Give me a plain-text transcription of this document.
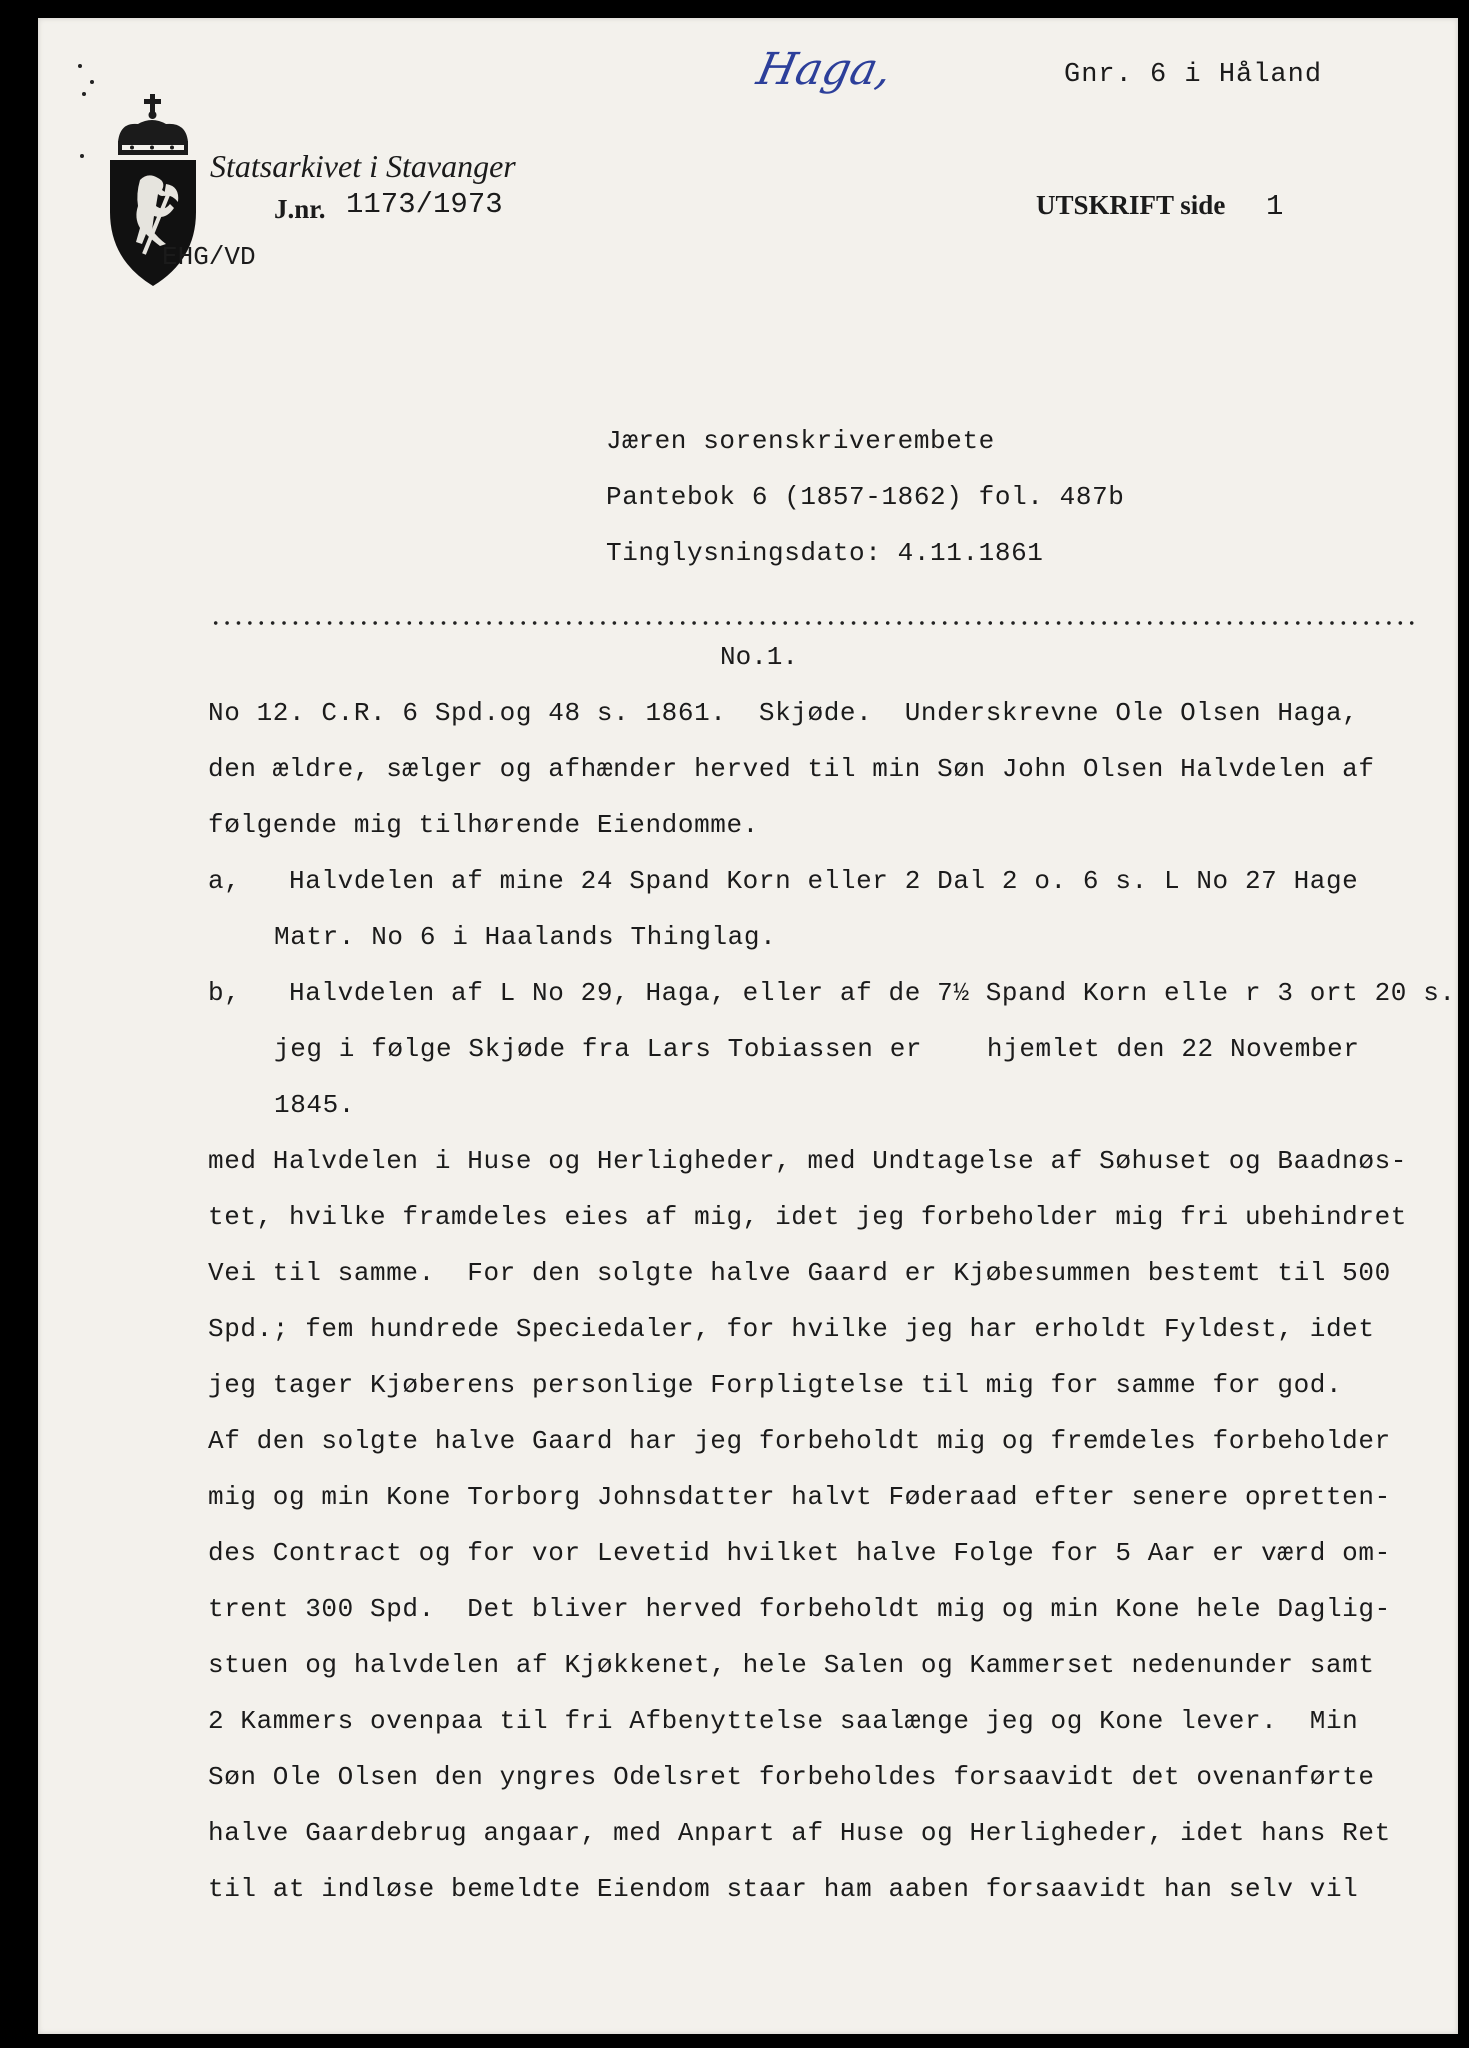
Haga,	Gnr. 6 i Håland
Statsarkivet i Stavanger
J.nr. 1173/1973
EHG/VD
UTSKRIFT side 1
Jæren sorenskriverembete
Pantebok 6 (1857-1862) fol. 487b
Tinglysningsdato: 4.11.1861
No.1.
No 12. C.R. 6 Spd.og 48 s. 1861.  Skjøde.  Underskrevne Ole Olsen Haga,
den ældre, sælger og afhænder herved til min Søn John Olsen Halvdelen af
følgende mig tilhørende Eiendomme.
a,   Halvdelen af mine 24 Spand Korn eller 2 Dal 2 o. 6 s. L No 27 Hage
Matr. No 6 i Haalands Thinglag.
b,   Halvdelen af L No 29, Haga, eller af de 7½ Spand Korn elle r 3 ort 20 s.
jeg i følge Skjøde fra Lars Tobiassen er    hjemlet den 22 November
1845.
med Halvdelen i Huse og Herligheder, med Undtagelse af Søhuset og Baadnøs-
tet, hvilke framdeles eies af mig, idet jeg forbeholder mig fri ubehindret
Vei til samme.  For den solgte halve Gaard er Kjøbesummen bestemt til 500
Spd.; fem hundrede Speciedaler, for hvilke jeg har erholdt Fyldest, idet
jeg tager Kjøberens personlige Forpligtelse til mig for samme for god.
Af den solgte halve Gaard har jeg forbeholdt mig og fremdeles forbeholder
mig og min Kone Torborg Johnsdatter halvt Føderaad efter senere opretten-
des Contract og for vor Levetid hvilket halve Folge for 5 Aar er værd om-
trent 300 Spd.  Det bliver herved forbeholdt mig og min Kone hele Daglig-
stuen og halvdelen af Kjøkkenet, hele Salen og Kammerset nedenunder samt
2 Kammers ovenpaa til fri Afbenyttelse saalænge jeg og Kone lever.  Min
Søn Ole Olsen den yngres Odelsret forbeholdes forsaavidt det ovenanførte
halve Gaardebrug angaar, med Anpart af Huse og Herligheder, idet hans Ret
til at indløse bemeldte Eiendom staar ham aaben forsaavidt han selv vil
